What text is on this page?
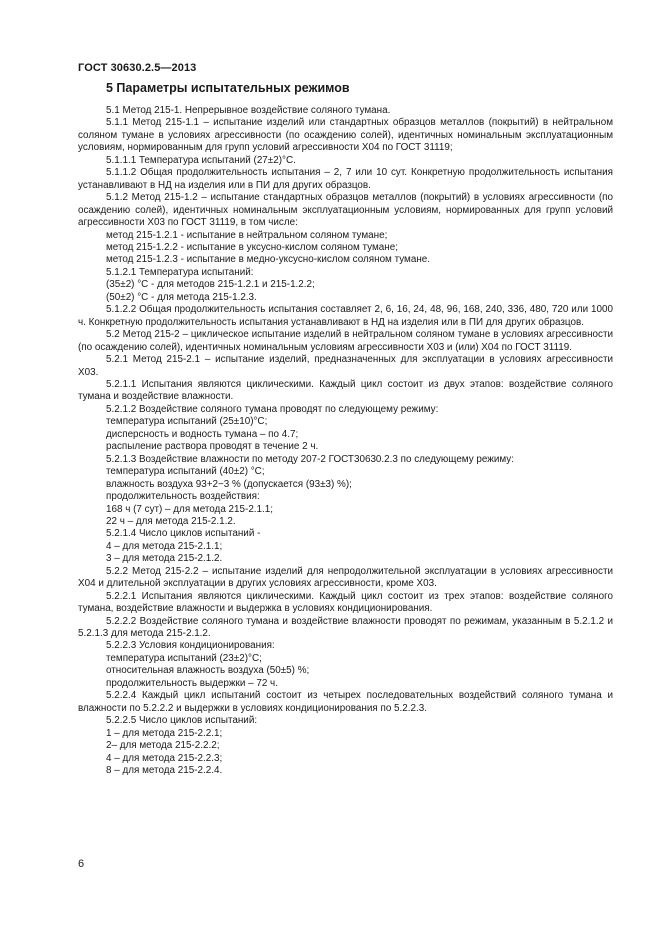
ГОСТ 30630.2.5—2013
5 Параметры испытательных режимов

5.1 Метод 215-1. Непрерывное воздействие соляного тумана.

5.1.1 Метод 215-1.1 – испытание изделий или стандартных образцов металлов (покрытий) в нейтральном соляном тумане в условиях агрессивности (по осаждению солей), идентичных номинальным эксплуатационным условиям, нормированным для групп условий агрессивности Х04 по ГОСТ 31119;

5.1.1.1 Температура испытаний (27±2)°С.

5.1.1.2 Общая продолжительность испытания – 2, 7 или 10 сут. Конкретную продолжительность испытания устанавливают в НД на изделия или в ПИ для других образцов.

5.1.2 Метод 215-1.2 – испытание стандартных образцов металлов (покрытий) в условиях агрессивности (по осаждению солей), идентичных номинальным эксплуатационным условиям, нормированных для групп условий агрессивности Х03 по ГОСТ 31119, в том числе:

метод 215-1.2.1 - испытание в нейтральном соляном тумане;

метод 215-1.2.2 - испытание в уксусно-кислом соляном тумане;

метод 215-1.2.3 - испытание в медно-уксусно-кислом соляном тумане.

5.1.2.1 Температура испытаний:

(35±2) °С - для методов 215-1.2.1 и 215-1.2.2;

(50±2) °С - для метода 215-1.2.3.

5.1.2.2 Общая продолжительность испытания составляет 2, 6, 16, 24, 48, 96, 168, 240, 336, 480, 720 или 1000 ч. Конкретную продолжительность испытания устанавливают в НД на изделия или в ПИ для других образцов.

5.2 Метод 215-2 – циклическое испытание изделий в нейтральном соляном тумане в условиях агрессивности (по осаждению солей), идентичных номинальным условиям агрессивности Х03 и (или) Х04 по ГОСТ 31119.

5.2.1 Метод 215-2.1 – испытание изделий, предназначенных для эксплуатации в условиях агрессивности Х03.

5.2.1.1 Испытания являются циклическими. Каждый цикл состоит из двух этапов: воздействие соляного тумана и воздействие влажности.

5.2.1.2 Воздействие соляного тумана проводят по следующему режиму:

температура испытаний (25±10)°С;

дисперсность и водность тумана – по 4.7;

распыление раствора проводят в течение 2 ч.

5.2.1.3 Воздействие влажности по методу 207-2 ГОСТ30630.2.3 по следующему режиму:

температура испытаний (40±2) °С;

влажность воздуха 93+2−3 % (допускается (93±3) %);

продолжительность воздействия:

168 ч (7 сут) – для метода 215-2.1.1;

22 ч – для метода 215-2.1.2.

5.2.1.4 Число циклов испытаний -

4 – для метода 215-2.1.1;

3 – для метода 215-2.1.2.

5.2.2 Метод 215-2.2 – испытание изделий для непродолжительной эксплуатации в условиях агрессивности Х04 и длительной эксплуатации в других условиях агрессивности, кроме Х03.

5.2.2.1 Испытания являются циклическими. Каждый цикл состоит из трех этапов: воздействие соляного тумана, воздействие влажности и выдержка в условиях кондиционирования.

5.2.2.2 Воздействие соляного тумана и воздействие влажности проводят по режимам, указанным в 5.2.1.2 и 5.2.1.3 для метода 215-2.1.2.

5.2.2.3 Условия кондиционирования:

температура испытаний (23±2)°С;

относительная влажность воздуха (50±5) %;

продолжительность выдержки – 72 ч.

5.2.2.4 Каждый цикл испытаний состоит из четырех последовательных воздействий соляного тумана и влажности по 5.2.2.2 и выдержки в условиях кондиционирования по 5.2.2.3.

5.2.2.5 Число циклов испытаний:

1 – для метода 215-2.2.1;

2– для метода 215-2.2.2;

4 – для метода 215-2.2.3;

8 – для метода 215-2.2.4.

6
